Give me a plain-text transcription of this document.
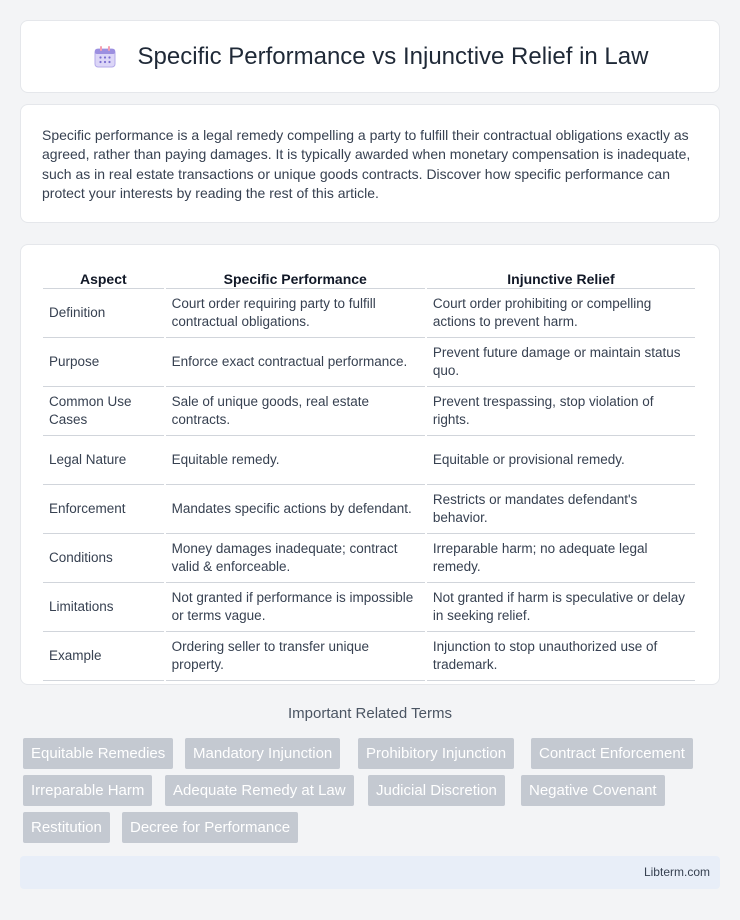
Specific Performance vs Injunctive Relief in Law

Specific performance is a legal remedy compelling a party to fulfill their contractual obligations exactly as agreed, rather than paying damages. It is typically awarded when monetary compensation is inadequate, such as in real estate transactions or unique goods contracts. Discover how specific performance can protect your interests by reading the rest of this article.

Aspect	Specific Performance	Injunctive Relief
Definition	Court order requiring party to fulfill contractual obligations.	Court order prohibiting or compelling actions to prevent harm.
Purpose	Enforce exact contractual performance.	Prevent future damage or maintain status quo.
Common Use Cases	Sale of unique goods, real estate contracts.	Prevent trespassing, stop violation of rights.
Legal Nature	Equitable remedy.	Equitable or provisional remedy.
Enforcement	Mandates specific actions by defendant.	Restricts or mandates defendant's behavior.
Conditions	Money damages inadequate; contract valid & enforceable.	Irreparable harm; no adequate legal remedy.
Limitations	Not granted if performance is impossible or terms vague.	Not granted if harm is speculative or delay in seeking relief.
Example	Ordering seller to transfer unique property.	Injunction to stop unauthorized use of trademark.
Important Related Terms
Equitable Remedies	Mandatory Injunction	Prohibitory Injunction	Contract Enforcement
Irreparable Harm	Adequate Remedy at Law	Judicial Discretion	Negative Covenant
Restitution	Decree for Performance
Libterm.com
